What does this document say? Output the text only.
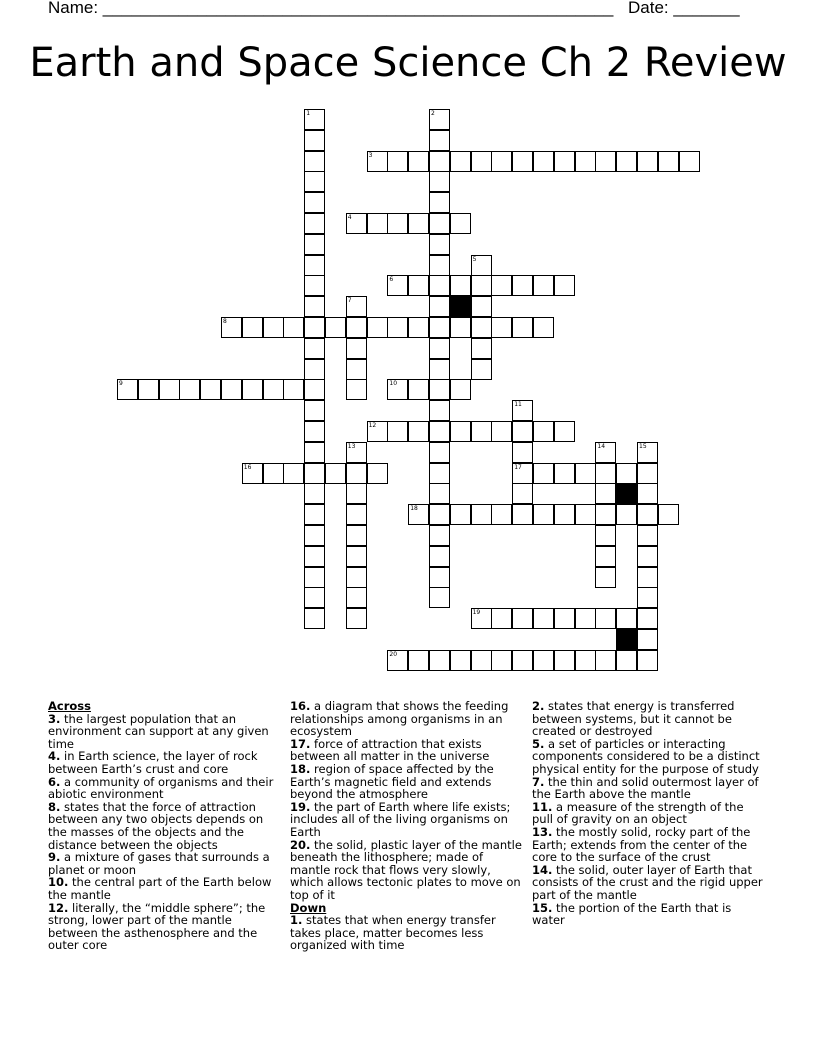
Name: ______________________________________________________ Date: _______
Earth and Space Science Ch 2 Review
3
4
6
8
9	10
12
16	17
18
19
20
1	2
5
7
11
13	14	15
Across
3. the largest population that an environment can support at any given time
4. in Earth science, the layer of rock between Earth’s crust and core
6. a community of organisms and their abiotic environment
8. states that the force of attraction between any two objects depends on the masses of the objects and the distance between the objects
9. a mixture of gases that surrounds a planet or moon
10. the central part of the Earth below the mantle
12. literally, the “middle sphere”; the strong, lower part of the mantle between the asthenosphere and the outer core
16. a diagram that shows the feeding relationships among organisms in an ecosystem
17. force of attraction that exists between all matter in the universe
18. region of space affected by the Earth’s magnetic field and extends beyond the atmosphere
19. the part of Earth where life exists; includes all of the living organisms on Earth
20. the solid, plastic layer of the mantle beneath the lithosphere; made of mantle rock that flows very slowly, which allows tectonic plates to move on top of it
Down
1. states that when energy transfer takes place, matter becomes less organized with time
2. states that energy is transferred between systems, but it cannot be created or destroyed
5. a set of particles or interacting components considered to be a distinct physical entity for the purpose of study
7. the thin and solid outermost layer of the Earth above the mantle
11. a measure of the strength of the pull of gravity on an object
13. the mostly solid, rocky part of the Earth; extends from the center of the core to the surface of the crust
14. the solid, outer layer of Earth that consists of the crust and the rigid upper part of the mantle
15. the portion of the Earth that is water
